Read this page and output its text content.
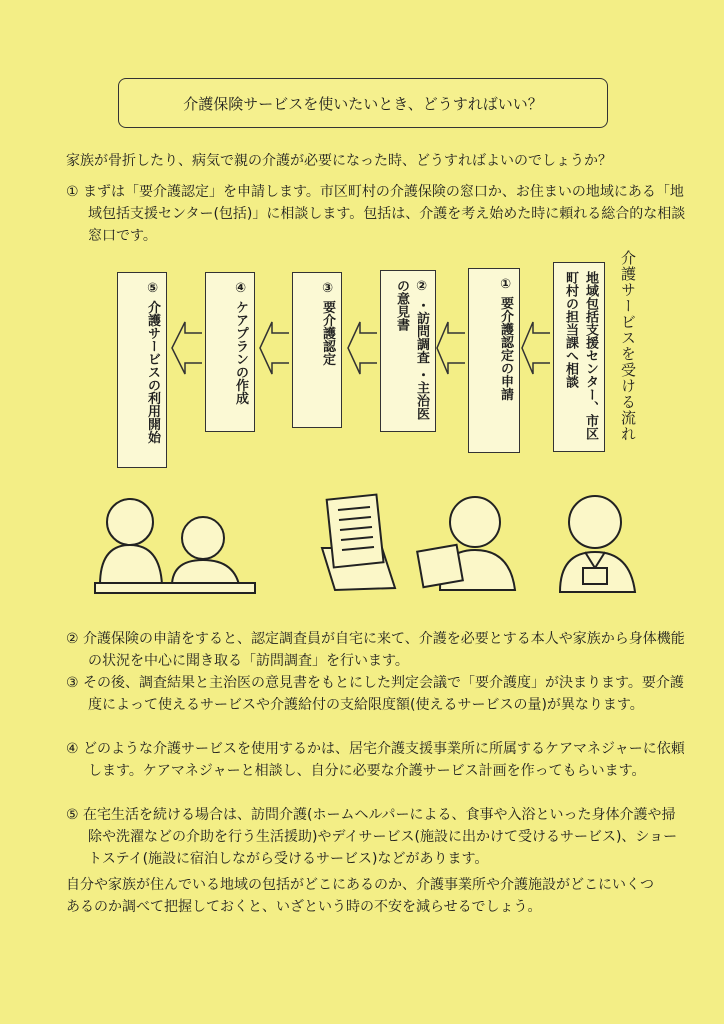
介護保険サービスを使いたいとき、どうすればいい？
家族が骨折したり、病気で親の介護が必要になった時、どうすればよいのでしょうか？
① まずは「要介護認定」を申請します。市区町村の介護保険の窓口か、お住まいの地域にある「地域包括支援センター(包括)」に相談します。包括は、介護を考え始めた時に頼れる総合的な相談窓口です。
介護サービスを受ける流れ
地域包括支援センター、市区町村の担当課へ相談
① 要介護認定の申請
② ・訪問調査 ・主治医の意見書
③ 要介護認定
④ ケアプランの作成
⑤ 介護サービスの利用開始
② 介護保険の申請をすると、認定調査員が自宅に来て、介護を必要とする本人や家族から身体機能の状況を中心に聞き取る「訪問調査」を行います。
③ その後、調査結果と主治医の意見書をもとにした判定会議で「要介護度」が決まります。要介護度によって使えるサービスや介護給付の支給限度額(使えるサービスの量)が異なります。
④ どのような介護サービスを使用するかは、居宅介護支援事業所に所属するケアマネジャーに依頼します。ケアマネジャーと相談し、自分に必要な介護サービス計画を作ってもらいます。
⑤ 在宅生活を続ける場合は、訪問介護(ホームヘルパーによる、食事や入浴といった身体介護や掃除や洗濯などの介助を行う生活援助)やデイサービス(施設に出かけて受けるサービス)、ショートステイ(施設に宿泊しながら受けるサービス)などがあります。
自分や家族が住んでいる地域の包括がどこにあるのか、介護事業所や介護施設がどこにいくつあるのか調べて把握しておくと、いざという時の不安を減らせるでしょう。
